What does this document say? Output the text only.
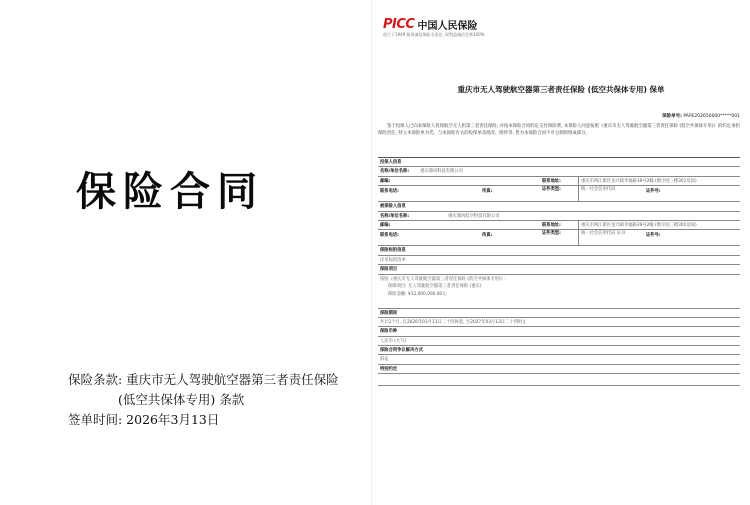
保险合同
保险条款: 重庆市无人驾驶航空器第三者责任保险
(低空共保体专用) 条款
签单时间: 2026年3月13日
PICC 中国人民保险
创立于1949 服务诚信保险全责任, 权利益诚信至善100%
重庆市无人驾驶航空器第三者责任保险 (低空共保体专用) 保单
保险单号: PAPE202650000*****001
鉴于投保人已向本保险人投保航空无人机第三者责任保险, 并按本保险合同约定交付保险费, 本保险人同意按照《重庆市无人驾驶航空器第三者责任保险 (低空共保体专用)》的约定承担保险责任, 特立本保险单为凭。与本保险有关的投保单及批改、附件等, 皆为本保险合同不可分割的组成部分。
投保人信息
名称/单位名称:	重庆鼎风科技有限公司
邮编:	联系地址:	重庆市两江新区龙兴镇幸福路39号2幢 (数字园三楼301房间)
联系电话:	传真:	证件类型:	统一社会信用代码	证件号:
被保险人信息
名称/单位名称:	重庆鼎风低空科技有限公司
邮编:	联系地址:	重庆市两江新区龙兴镇幸福路39号2幢 (数字园三楼301房间)
联系电话:	传真:	证件类型:	统一社会信用代码 证书	证件号:
保险标的信息
详见标的清单
保险项目
按照《重庆市无人驾驶航空器第三者责任保险 (低空共保体专用)》:
保障项目: 无人驾驶航空器第三者责任保险 (重庆)
保险金额: ¥12,000,000.00元
保险期间
共计2个月, 自2026年03月13日二十四时起, 至2027年03月13日二十四时止
保险币种
人民币 (大写)
保险合同争议解决方式
诉讼
特别约定
